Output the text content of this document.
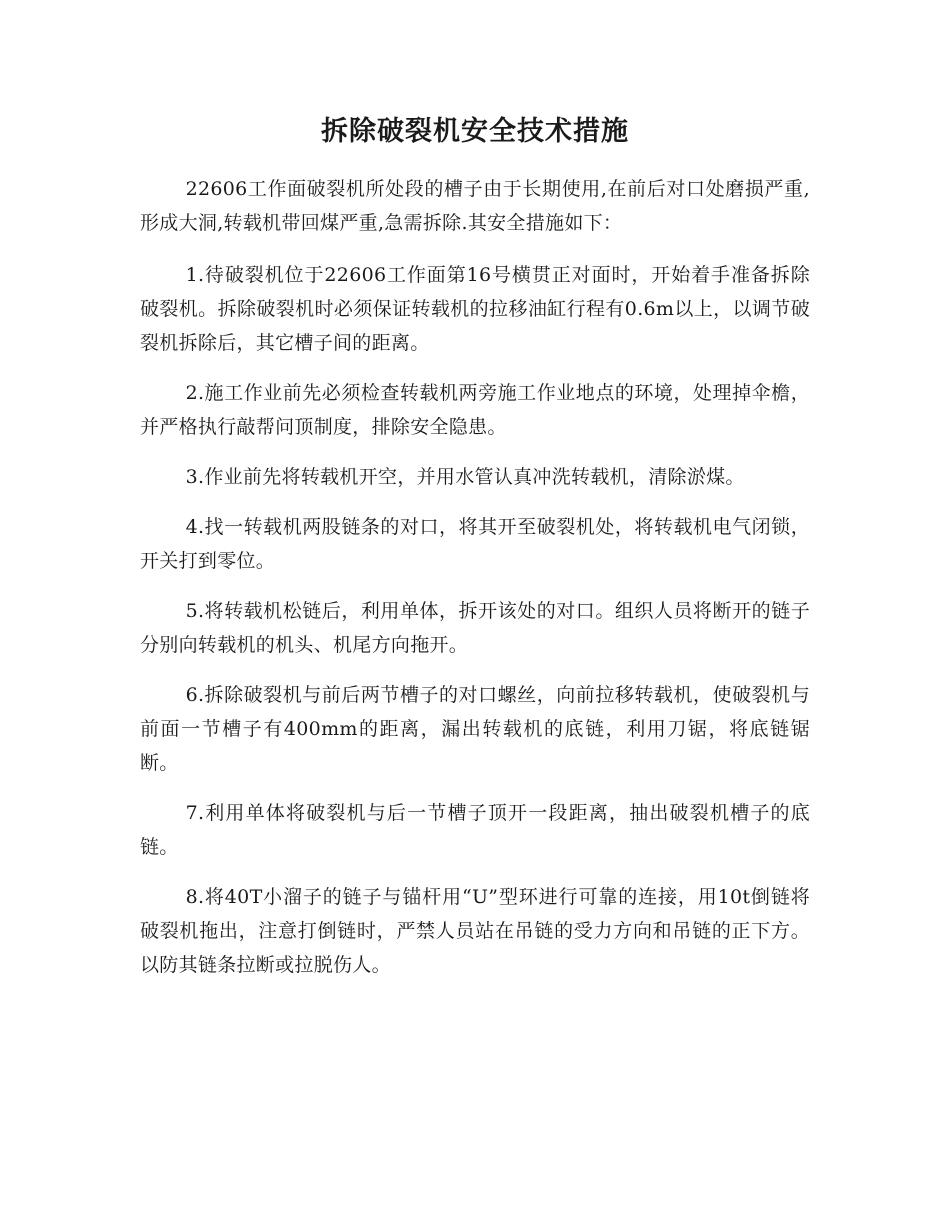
拆除破裂机安全技术措施

22606工作面破裂机所处段的槽子由于长期使用,在前后对口处磨损严重,形成大洞,转载机带回煤严重,急需拆除.其安全措施如下：

1.待破裂机位于22606工作面第16号横贯正对面时，开始着手准备拆除破裂机。拆除破裂机时必须保证转载机的拉移油缸行程有0.6m以上，以调节破裂机拆除后，其它槽子间的距离。

2.施工作业前先必须检查转载机两旁施工作业地点的环境，处理掉伞檐，并严格执行敲帮问顶制度，排除安全隐患。

3.作业前先将转载机开空，并用水管认真冲洗转载机，清除淤煤。

4.找一转载机两股链条的对口，将其开至破裂机处，将转载机电气闭锁，开关打到零位。

5.将转载机松链后，利用单体，拆开该处的对口。组织人员将断开的链子分别向转载机的机头、机尾方向拖开。

6.拆除破裂机与前后两节槽子的对口螺丝，向前拉移转载机，使破裂机与前面一节槽子有400mm的距离，漏出转载机的底链，利用刀锯，将底链锯断。

7.利用单体将破裂机与后一节槽子顶开一段距离，抽出破裂机槽子的底链。

8.将40T小溜子的链子与锚杆用“U”型环进行可靠的连接，用10t倒链将破裂机拖出，注意打倒链时，严禁人员站在吊链的受力方向和吊链的正下方。以防其链条拉断或拉脱伤人。
